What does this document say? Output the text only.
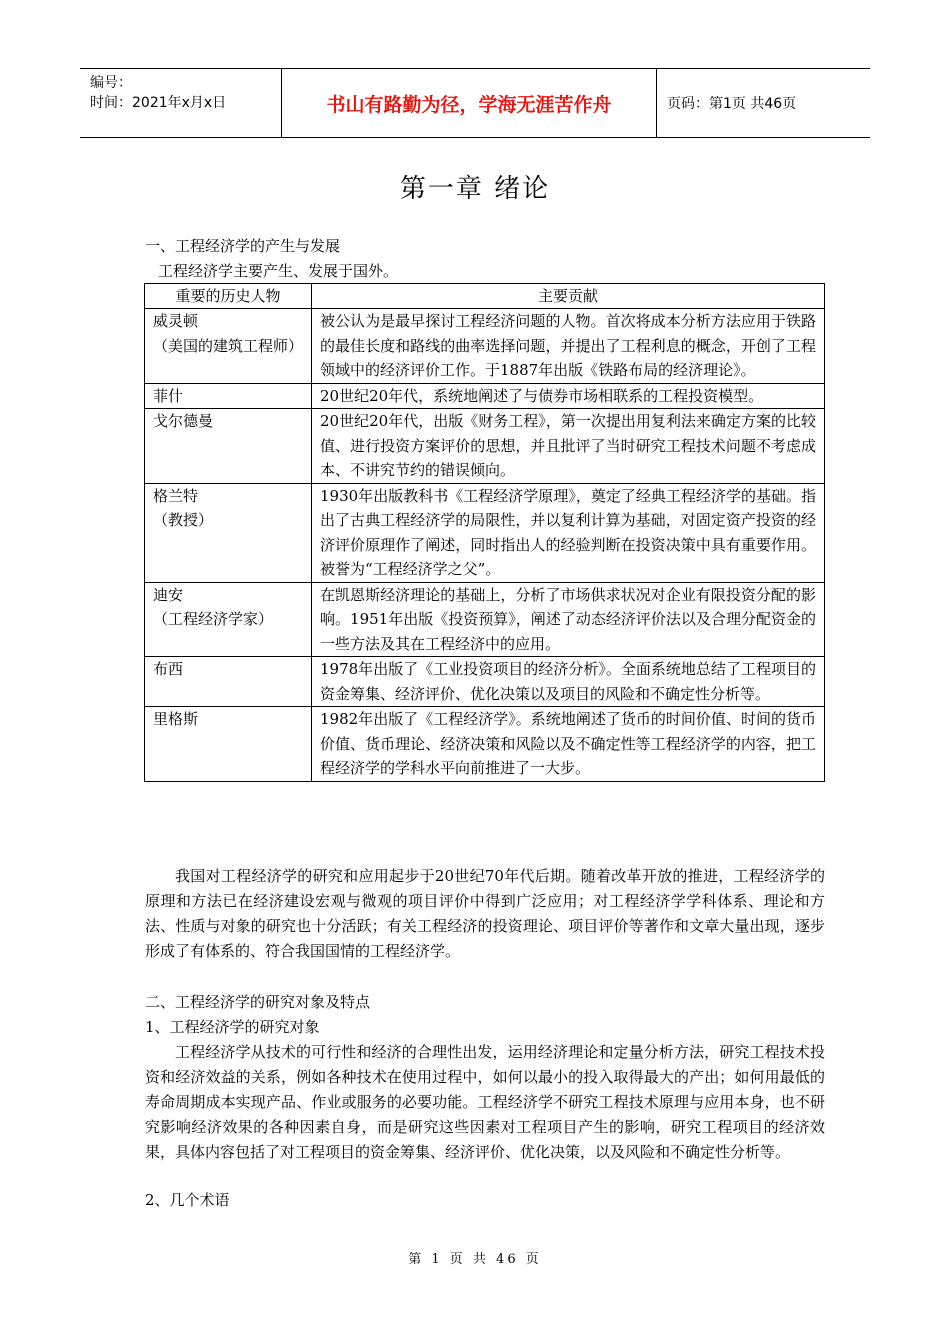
编号：
时间：2021年x月x日	书山有路勤为径，学海无涯苦作舟	页码：第1页 共46页
第一章 绪论
一、工程经济学的产生与发展
工程经济学主要产生、发展于国外。
重要的历史人物	主要贡献

威灵顿
（美国的建筑工程师）	被公认为是最早探讨工程经济问题的人物。首次将成本分析方法应用于铁路的最佳长度和路线的曲率选择问题，并提出了工程利息的概念，开创了工程领域中的经济评价工作。于1887年出版《铁路布局的经济理论》。

菲什	20世纪20年代，系统地阐述了与债券市场相联系的工程投资模型。

戈尔德曼	20世纪20年代，出版《财务工程》，第一次提出用复利法来确定方案的比较值、进行投资方案评价的思想，并且批评了当时研究工程技术问题不考虑成本、不讲究节约的错误倾向。

格兰特
（教授）	1930年出版教科书《工程经济学原理》，奠定了经典工程经济学的基础。指出了古典工程经济学的局限性，并以复利计算为基础，对固定资产投资的经济评价原理作了阐述，同时指出人的经验判断在投资决策中具有重要作用。被誉为“工程经济学之父”。

迪安
（工程经济学家）	在凯恩斯经济理论的基础上，分析了市场供求状况对企业有限投资分配的影响。1951年出版《投资预算》，阐述了动态经济评价法以及合理分配资金的一些方法及其在工程经济中的应用。

布西	1978年出版了《工业投资项目的经济分析》。全面系统地总结了工程项目的资金筹集、经济评价、优化决策以及项目的风险和不确定性分析等。

里格斯	1982年出版了《工程经济学》。系统地阐述了货币的时间价值、时间的货币价值、货币理论、经济决策和风险以及不确定性等工程经济学的内容，把工程经济学的学科水平向前推进了一大步。
我国对工程经济学的研究和应用起步于20世纪70年代后期。随着改革开放的推进，工程经济学的原理和方法已在经济建设宏观与微观的项目评价中得到广泛应用；对工程经济学学科体系、理论和方法、性质与对象的研究也十分活跃；有关工程经济的投资理论、项目评价等著作和文章大量出现，逐步形成了有体系的、符合我国国情的工程经济学。
二、工程经济学的研究对象及特点
1、工程经济学的研究对象
工程经济学从技术的可行性和经济的合理性出发，运用经济理论和定量分析方法，研究工程技术投资和经济效益的关系，例如各种技术在使用过程中，如何以最小的投入取得最大的产出；如何用最低的寿命周期成本实现产品、作业或服务的必要功能。工程经济学不研究工程技术原理与应用本身，也不研究影响经济效果的各种因素自身，而是研究这些因素对工程项目产生的影响，研究工程项目的经济效果，具体内容包括了对工程项目的资金筹集、经济评价、优化决策，以及风险和不确定性分析等。
2、几个术语
第 1 页 共 46 页
